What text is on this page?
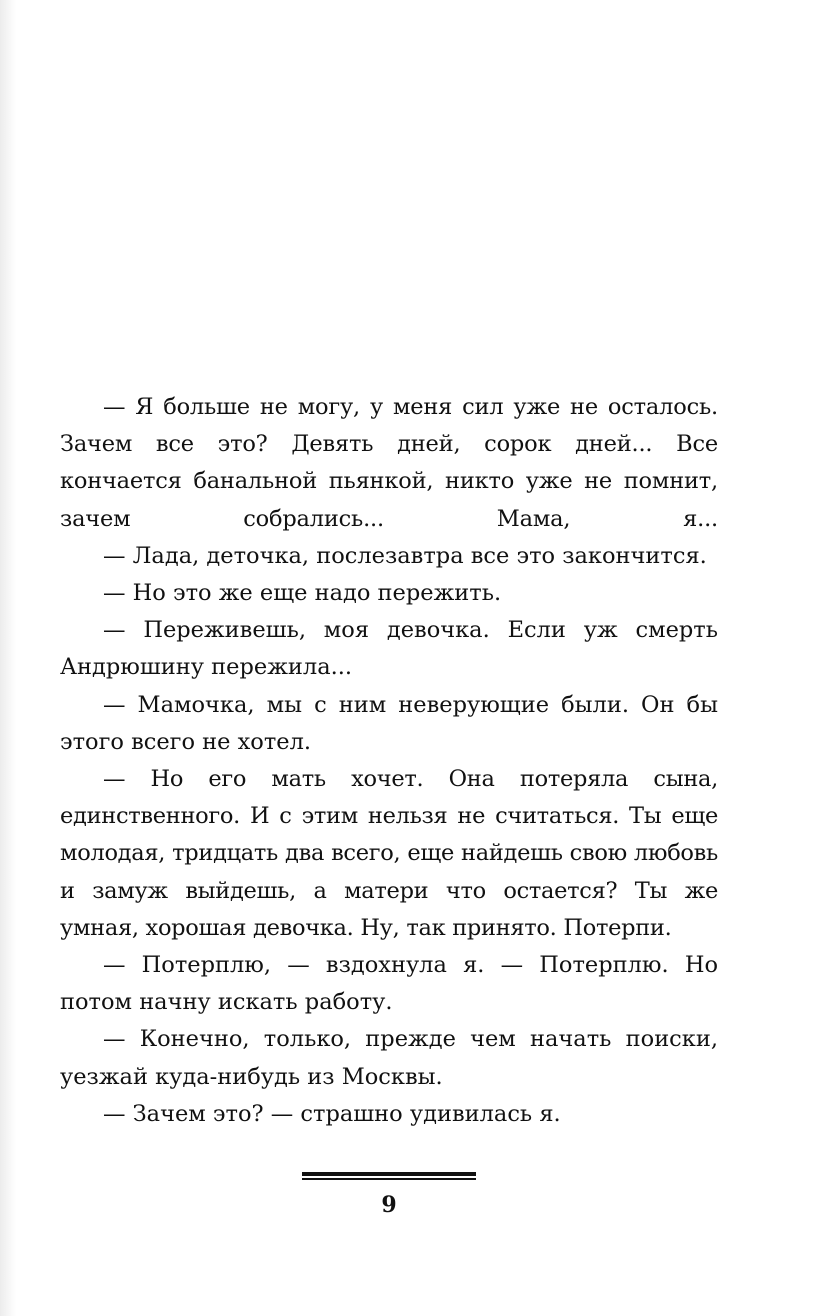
— Я больше не могу, у меня сил уже не осталось. Зачем все это? Девять дней, сорок дней... Все кончается банальной пьянкой, никто уже не помнит, зачем собрались... Мама, я...

— Лада, деточка, послезавтра все это закончится.

— Но это же еще надо пережить.

— Переживешь, моя девочка. Если уж смерть Андрюшину пережила...

— Мамочка, мы с ним неверующие были. Он бы этого всего не хотел.

— Но его мать хочет. Она потеряла сына, единственного. И с этим нельзя не считаться. Ты еще молодая, тридцать два всего, еще найдешь свою любовь и замуж выйдешь, а матери что остается? Ты же умная, хорошая девочка. Ну, так принято. Потерпи.

— Потерплю, — вздохнула я. — Потерплю. Но потом начну искать работу.

— Конечно, только, прежде чем начать поиски, уезжай куда-нибудь из Москвы.

— Зачем это? — страшно удивилась я.

9
